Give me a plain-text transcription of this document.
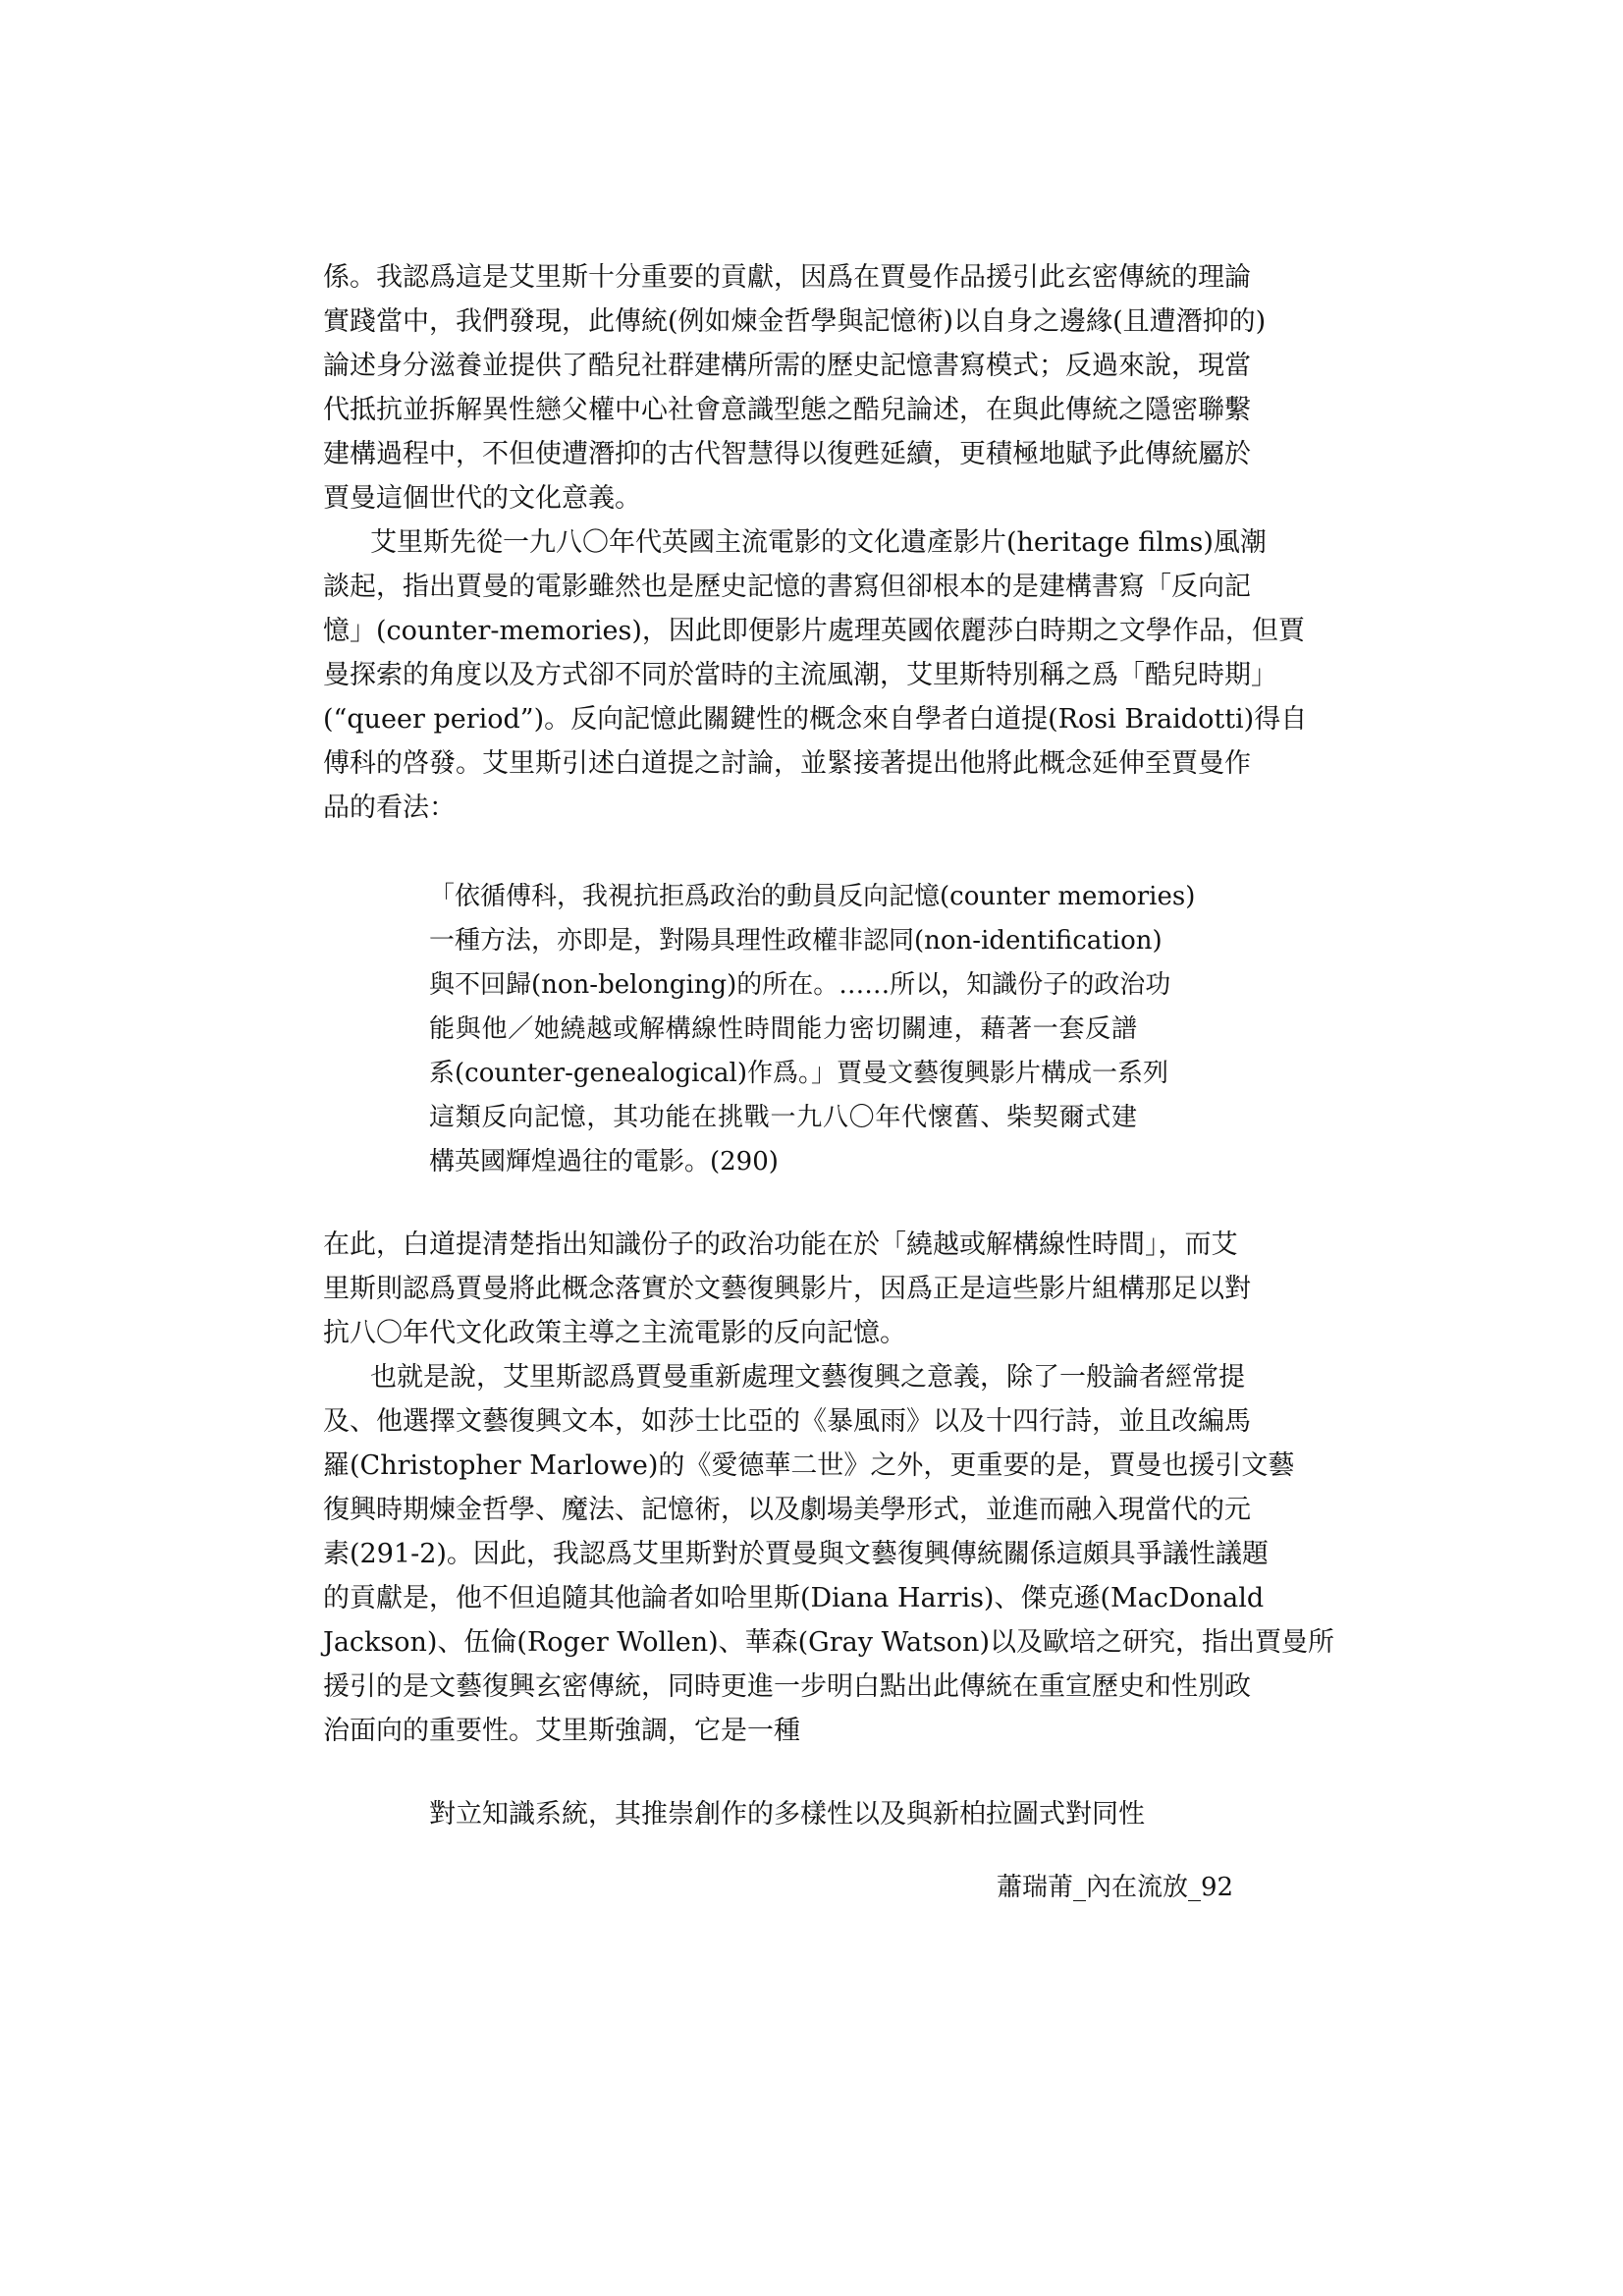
係。我認爲這是艾里斯十分重要的貢獻，因爲在賈曼作品援引此玄密傳統的理論

實踐當中，我們發現，此傳統(例如煉金哲學與記憶術)以自身之邊緣(且遭潛抑的)

論述身分滋養並提供了酷兒社群建構所需的歷史記憶書寫模式；反過來說，現當

代抵抗並拆解異性戀父權中心社會意識型態之酷兒論述，在與此傳統之隱密聯繫

建構過程中，不但使遭潛抑的古代智慧得以復甦延續，更積極地賦予此傳統屬於

賈曼這個世代的文化意義。

艾里斯先從一九八〇年代英國主流電影的文化遺產影片(heritage films)風潮

談起，指出賈曼的電影雖然也是歷史記憶的書寫但卻根本的是建構書寫「反向記

憶」(counter-memories)，因此即便影片處理英國依麗莎白時期之文學作品，但賈

曼探索的角度以及方式卻不同於當時的主流風潮，艾里斯特別稱之爲「酷兒時期」

(“queer period”)。反向記憶此關鍵性的概念來自學者白道提(Rosi Braidotti)得自

傅科的啓發。艾里斯引述白道提之討論，並緊接著提出他將此概念延伸至賈曼作

品的看法：

「依循傅科，我視抗拒爲政治的動員反向記憶(counter memories)

一種方法，亦即是，對陽具理性政權非認同(non-identification)

與不回歸(non-belonging)的所在。……所以，知識份子的政治功

能與他／她繞越或解構線性時間能力密切關連，藉著一套反譜

系(counter-genealogical)作爲。」賈曼文藝復興影片構成一系列

這類反向記憶，其功能在挑戰一九八〇年代懷舊、柴契爾式建

構英國輝煌過往的電影。(290)

在此，白道提清楚指出知識份子的政治功能在於「繞越或解構線性時間」，而艾

里斯則認爲賈曼將此概念落實於文藝復興影片，因爲正是這些影片組構那足以對

抗八〇年代文化政策主導之主流電影的反向記憶。

也就是說，艾里斯認爲賈曼重新處理文藝復興之意義，除了一般論者經常提

及、他選擇文藝復興文本，如莎士比亞的《暴風雨》以及十四行詩，並且改編馬

羅(Christopher Marlowe)的《愛德華二世》之外，更重要的是，賈曼也援引文藝

復興時期煉金哲學、魔法、記憶術，以及劇場美學形式，並進而融入現當代的元

素(291-2)。因此，我認爲艾里斯對於賈曼與文藝復興傳統關係這頗具爭議性議題

的貢獻是，他不但追隨其他論者如哈里斯(Diana Harris)、傑克遜(MacDonald

Jackson)、伍倫(Roger Wollen)、華森(Gray Watson)以及歐培之研究，指出賈曼所

援引的是文藝復興玄密傳統，同時更進一步明白點出此傳統在重宣歷史和性別政

治面向的重要性。艾里斯強調，它是一種

對立知識系統，其推崇創作的多樣性以及與新柏拉圖式對同性

蕭瑞莆_內在流放_92
